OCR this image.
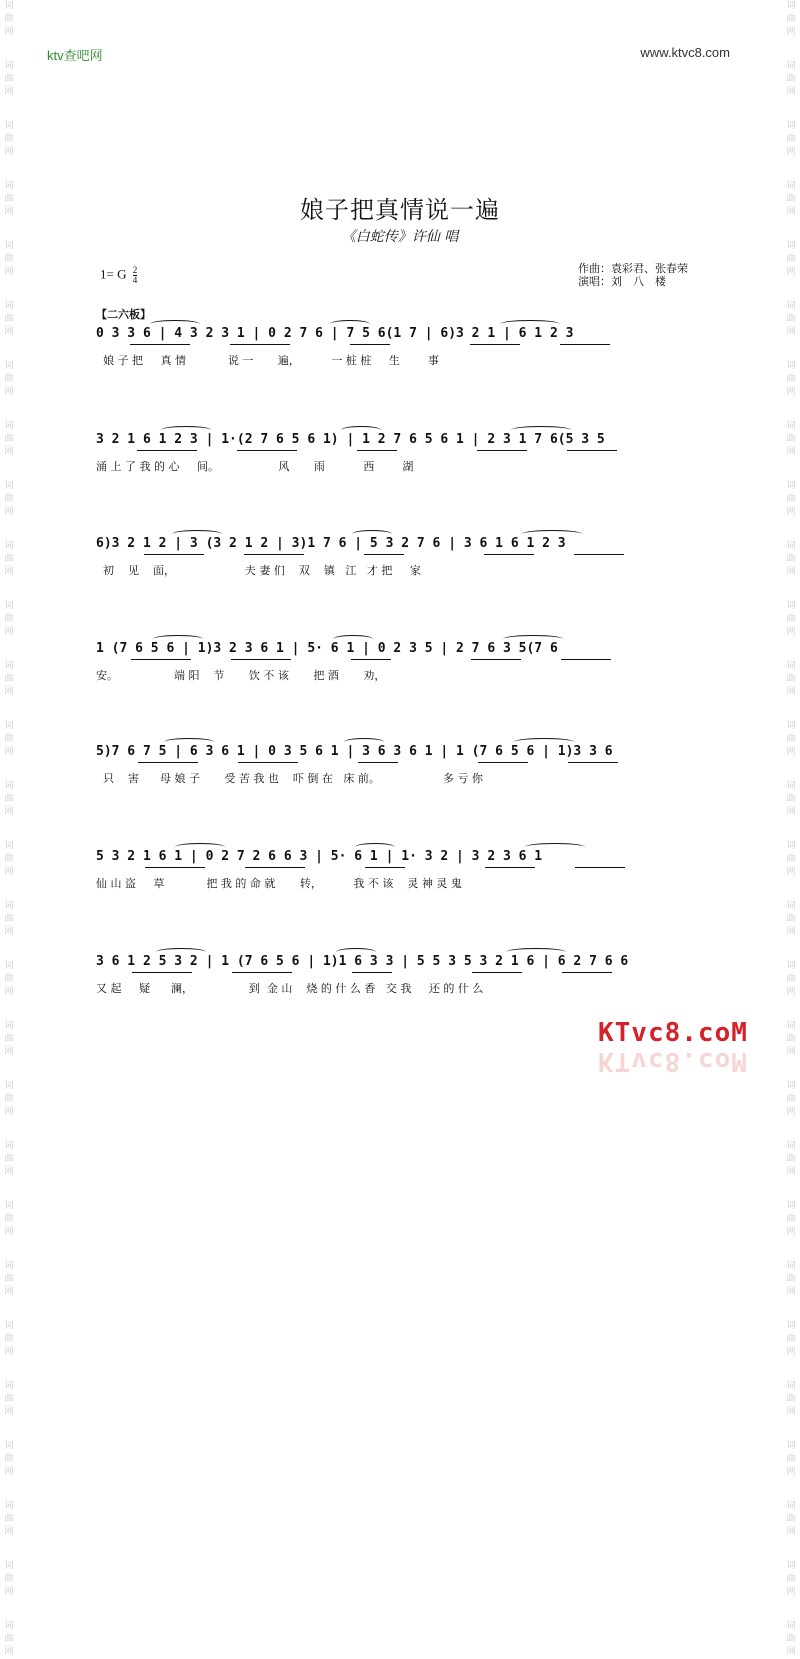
词
曲
网
词
曲
网
词
曲
网
词
曲
网
词
曲
网
词
曲
网
词
曲
网
词
曲
网
词
曲
网
词
曲
网
词
曲
网
词
曲
网
词
曲
网
词
曲
网
词
曲
网
词
曲
网
词
曲
网
词
曲
网
词
曲
网
词
曲
网
词
曲
网
词
曲
网
词
曲
网
词
曲
网
词
曲
网
词
曲
网
词
曲
网
词
曲
网
词
曲
网
词
曲
网
词
曲
网
词
曲
网
词
曲
网
词
曲
网
词
曲
网
词
曲
网
词
曲
网
词
曲
网
词
曲
网
词
曲
网
词
曲
网
词
曲
网
词
曲
网
词
曲
网
词
曲
网
词
曲
网
词
曲
网
词
曲
网
词
曲
网
词
曲
网
词
曲
网
词
曲
网
词
曲
网
词
曲
网
词
曲
网
词
曲
网
ktv查吧网	www.ktvc8.com
娘子把真情说一遍
《白蛇传》许仙 唱
1= G $\frac{2}{4}$	作曲：袁彩君、张春荣
演唱：刘　八　楼
【二六板】
0 3 3 6 | 4 3 2 3 1 | 0 2 7 6 | 7 5 6(1 7 | 6)3 2 1 | 6 1 2 3
娘 子 把     真 情            说 一       遍，         一 桩 桩     生        事
3 2 1 6 1 2 3 | 1·(2 7 6 5 6 1) | 1 2 7 6 5 6 1 | 2 3 1 7 6(5 3 5
涌 上 了 我 的 心     间。                 风       雨           西        湖
6)3 2 1 2 | 3 (3 2 1 2 | 3)1 7 6 | 5 3 2 7 6 | 3 6 1 6 1 2 3
初    见    面，                    夫 妻 们    双    镇   江   才 把     家
1 (7 6 5 6 | 1)3 2 3 6 1 | 5· 6 1 | 0 2 3 5 | 2 7 6 3 5(7 6
安。                端 阳    节       饮 不 该       把 酒       劝，
5)7 6 7 5 | 6 3 6 1 | 0 3 5 6 1 | 3 6 3 6 1 | 1 (7 6 5 6 | 1)3 3 6
只    害      母 娘 子       受 苦 我 也    吓 倒 在   床 前。                  多 亏 你
5 3 2 1 6 1 | 0 2 7 2 6 6 3 | 5· 6 1 | 1· 3 2 | 3 2 3 6 1
仙 山 盗     草            把 我 的 命 就       转，         我 不 该    灵 神 灵 鬼
3 6 1 2 5 3 2 | 1 (7 6 5 6 | 1)1 6 3 3 | 5 5 3 5 3 2 1 6 | 6 2 7 6 6
又 起     疑      澜，                到  金 山    烧 的 什 么 香   交 我     还 的 什 么
KTvc8.coM
KTvc8.coM
